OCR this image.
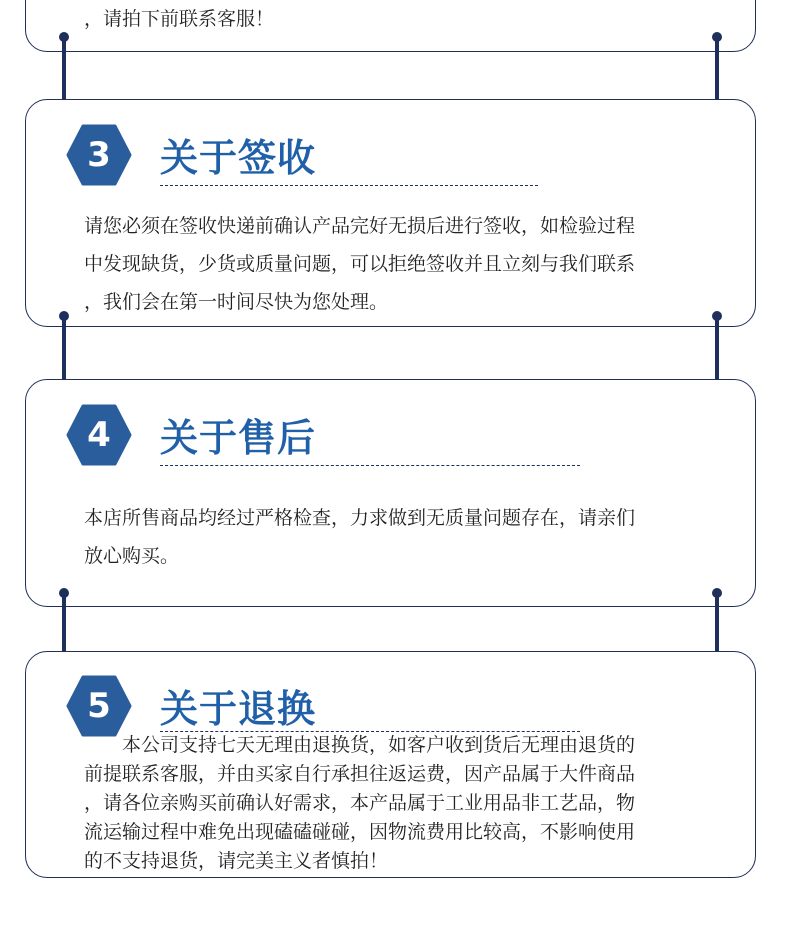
，请拍下前联系客服！

3	关于签收

请您必须在签收快递前确认产品完好无损后进行签收，如检验过程

中发现缺货，少货或质量问题，可以拒绝签收并且立刻与我们联系

，我们会在第一时间尽快为您处理。

4	关于售后

本店所售商品均经过严格检查，力求做到无质量问题存在，请亲们

放心购买。

5	关于退换

　　本公司支持七天无理由退换货，如客户收到货后无理由退货的

前提联系客服，并由买家自行承担往返运费，因产品属于大件商品

，请各位亲购买前确认好需求，本产品属于工业用品非工艺品，物

流运输过程中难免出现磕磕碰碰，因物流费用比较高，不影响使用

的不支持退货，请完美主义者慎拍！
